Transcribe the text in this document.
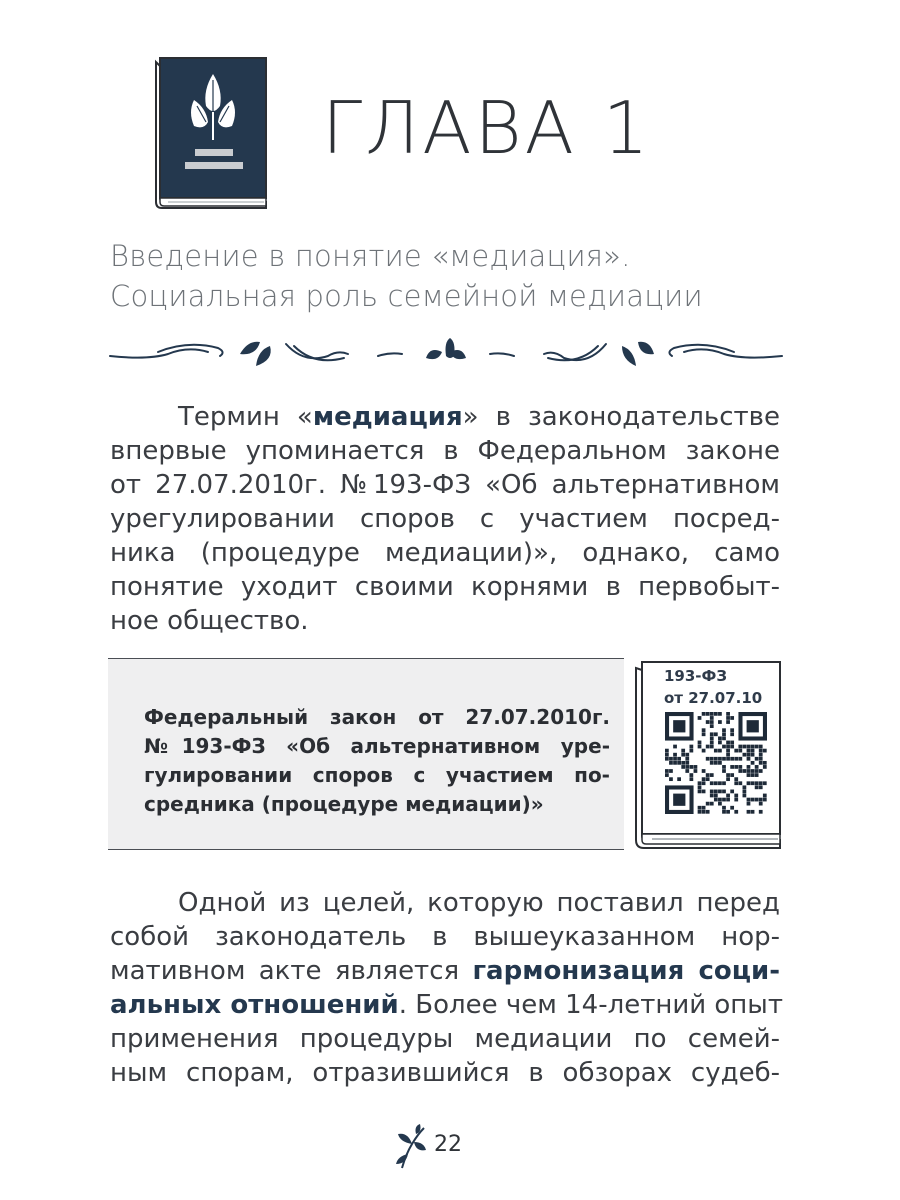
ГЛАВА 1
Введение в понятие «медиация».
Социальная роль семейной медиации
Термин «медиация» в законодательстве
впервые упоминается в Федеральном законе
от 27.07.2010г. №193-ФЗ «Об альтернативном
урегулировании споров с участием посред-
ника (процедуре медиации)», однако, само
понятие уходит своими корнями в первобыт-
ное общество.
Федеральный закон от 27.07.2010г.
№193-ФЗ «Об альтернативном уре-
гулировании споров с участием по-
средника (процедуре медиации)»
193-ФЗ
от 27.07.10
Одной из целей, которую поставил перед
собой законодатель в вышеуказанном нор-
мативном акте является гармонизация соци-
альных отношений. Более чем 14-летний опыт
применения процедуры медиации по семей-
ным спорам, отразившийся в обзорах судеб-
22
